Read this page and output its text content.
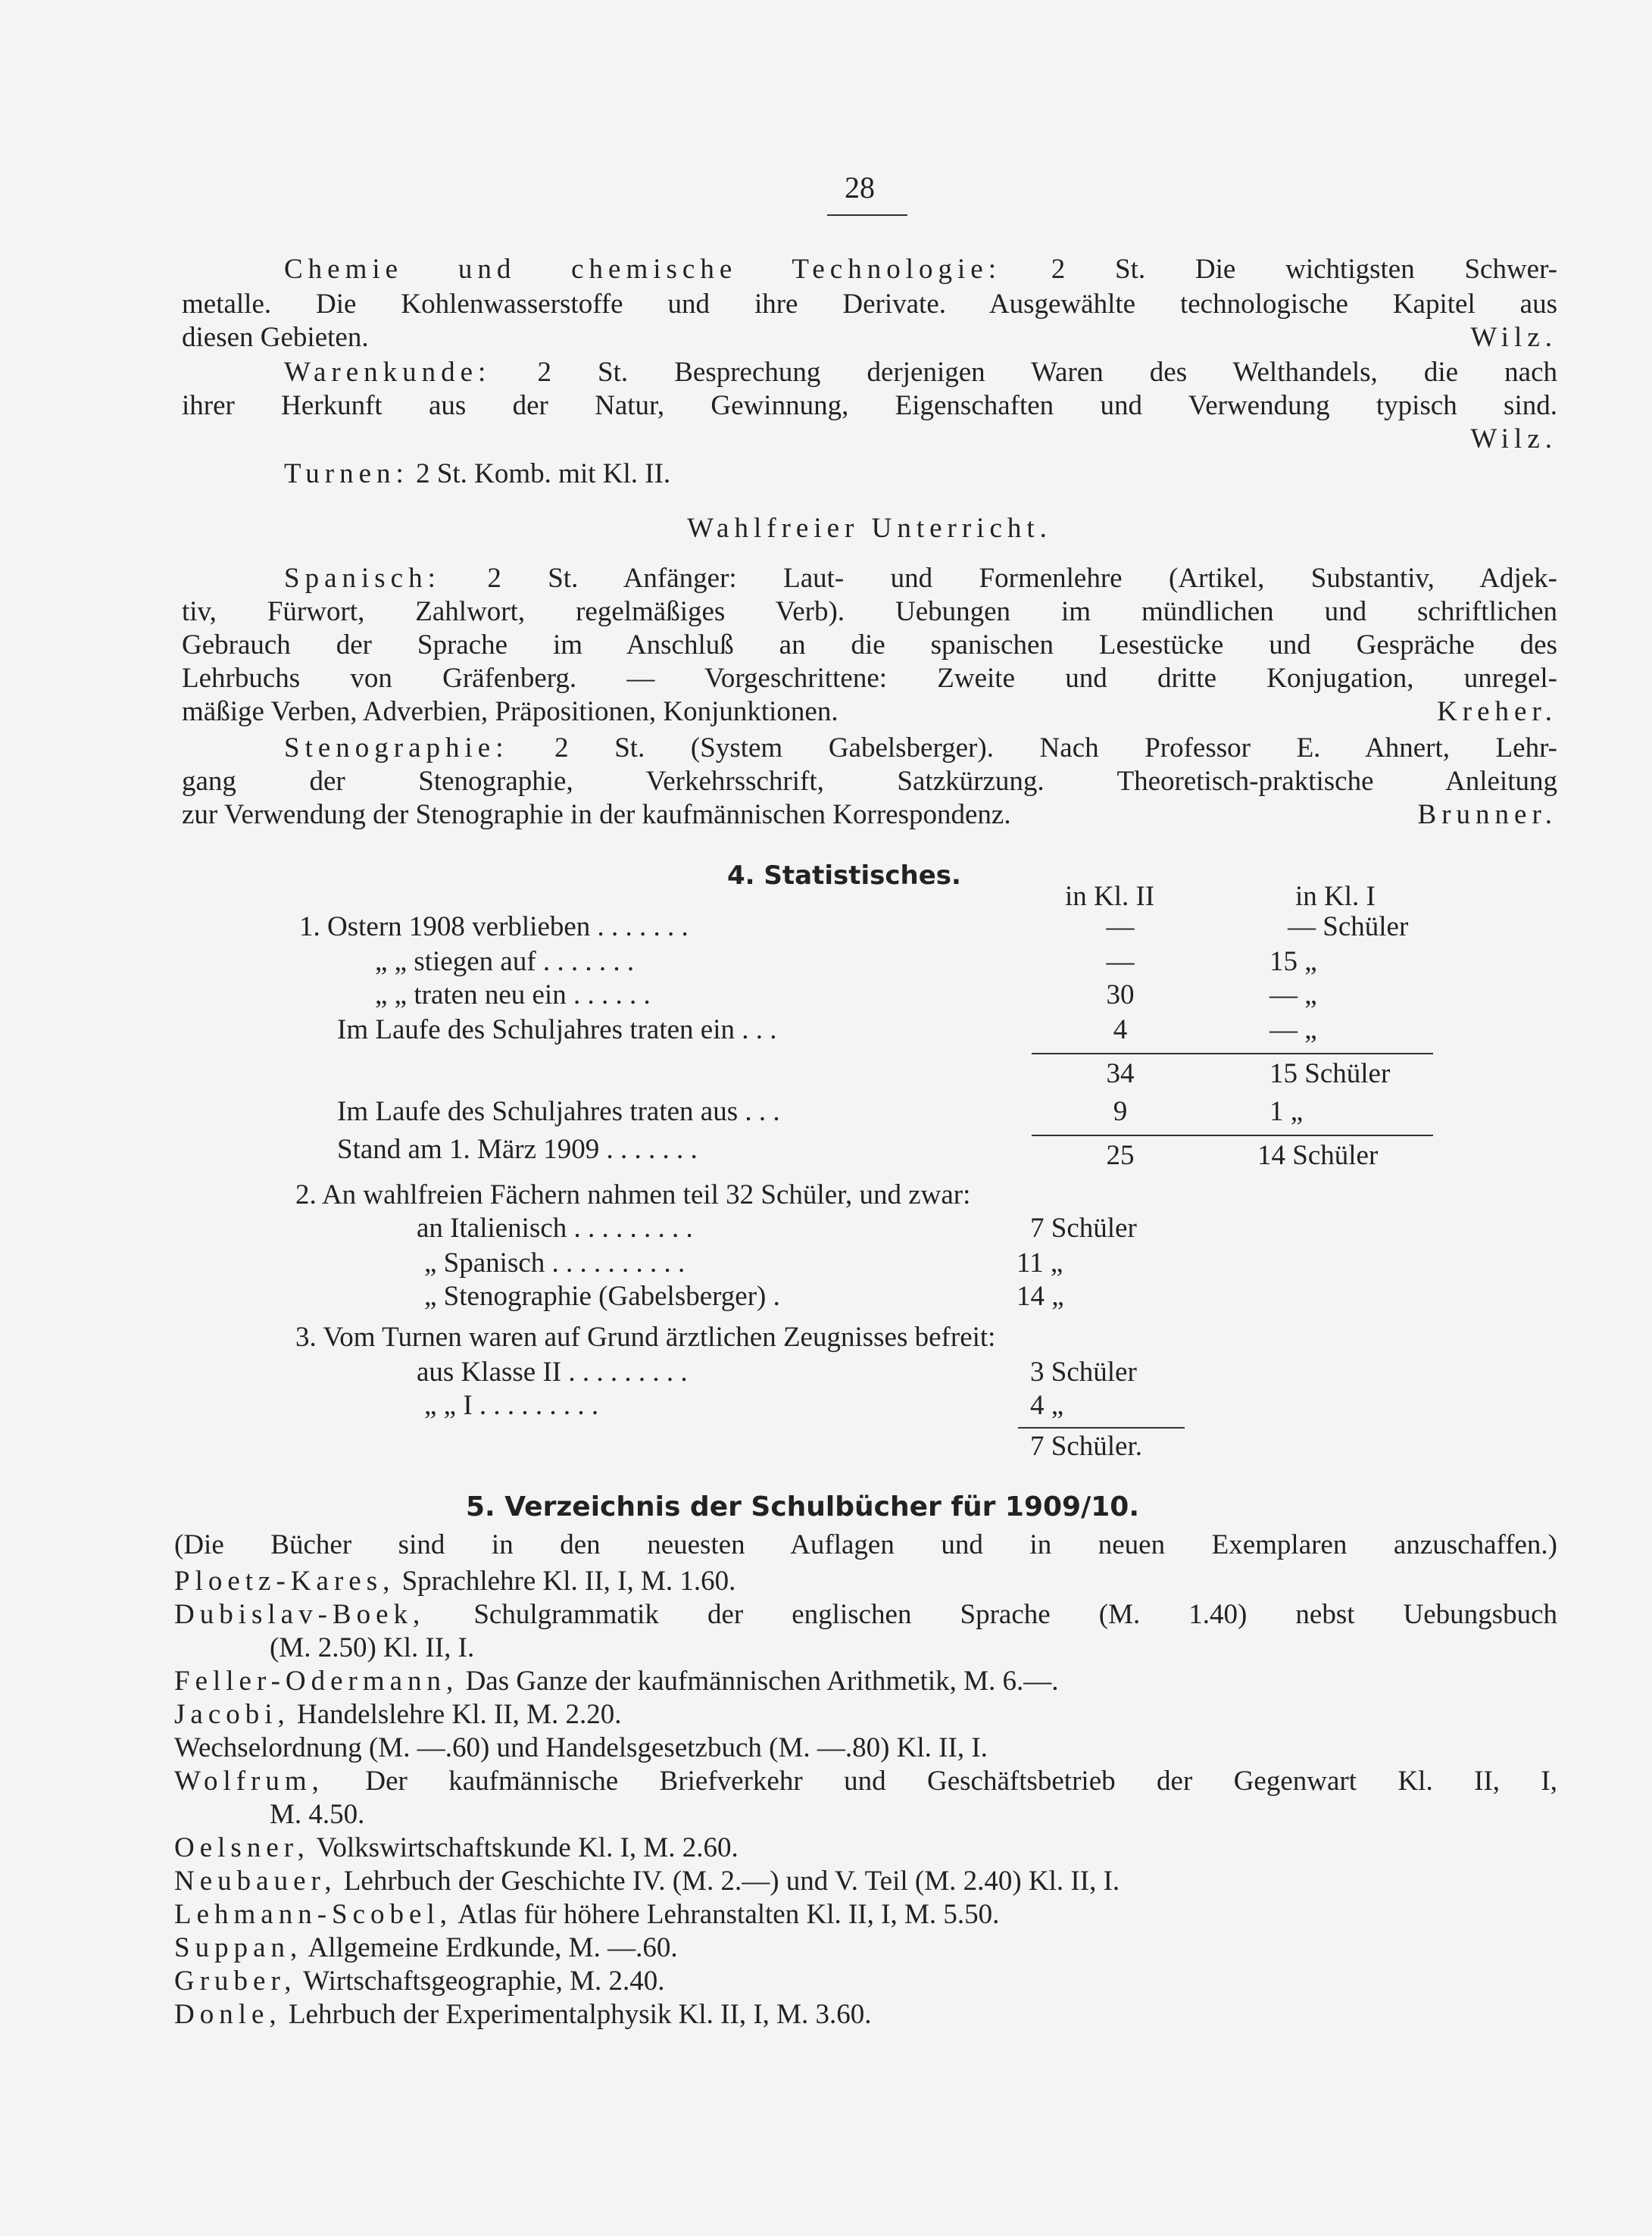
28
Chemie und chemische Technologie: 2 St. Die wichtigsten Schwer-
metalle. Die Kohlenwasserstoffe und ihre Derivate. Ausgewählte technologische Kapitel aus
diesen Gebieten.	Wilz.
Warenkunde: 2 St. Besprechung derjenigen Waren des Welthandels, die nach
ihrer Herkunft aus der Natur, Gewinnung, Eigenschaften und Verwendung typisch sind.
Wilz.
Turnen: 2 St. Komb. mit Kl. II.
Wahlfreier Unterricht.
Spanisch: 2 St. Anfänger: Laut- und Formenlehre (Artikel, Substantiv, Adjek-
tiv, Fürwort, Zahlwort, regelmäßiges Verb). Uebungen im mündlichen und schriftlichen
Gebrauch der Sprache im Anschluß an die spanischen Lesestücke und Gespräche des
Lehrbuchs von Gräfenberg. — Vorgeschrittene: Zweite und dritte Konjugation, unregel-
mäßige Verben, Adverbien, Präpositionen, Konjunktionen.	Kreher.
Stenographie: 2 St. (System Gabelsberger). Nach Professor E. Ahnert, Lehr-
gang der Stenographie, Verkehrsschrift, Satzkürzung. Theoretisch-praktische Anleitung
zur Verwendung der Stenographie in der kaufmännischen Korrespondenz.	Brunner.
4. Statistisches.
in Kl. II	in Kl. I
1. Ostern 1908 verblieben . . . . . . .	—	— Schüler
„ „ stiegen auf . . . . . . .	—	15 „
„ „ traten neu ein . . . . . .	30	— „
Im Laufe des Schuljahres traten ein . . .	4	— „
34	15 Schüler
Im Laufe des Schuljahres traten aus . . .	9	1 „
Stand am 1. März 1909 . . . . . . .	25	14 Schüler
2. An wahlfreien Fächern nahmen teil 32 Schüler, und zwar:
an Italienisch . . . . . . . . .	7 Schüler
„ Spanisch . . . . . . . . . .	11 „
„ Stenographie (Gabelsberger) .	14 „
3. Vom Turnen waren auf Grund ärztlichen Zeugnisses befreit:
aus Klasse II . . . . . . . . .	3 Schüler
„ „ I . . . . . . . . .	4 „
7 Schüler.
5. Verzeichnis der Schulbücher für 1909/10.
(Die Bücher sind in den neuesten Auflagen und in neuen Exemplaren anzuschaffen.)
Ploetz-Kares, Sprachlehre Kl. II, I, M. 1.60.
Dubislav-Boek, Schulgrammatik der englischen Sprache (M. 1.40) nebst Uebungsbuch
(M. 2.50) Kl. II, I.
Feller-Odermann, Das Ganze der kaufmännischen Arithmetik, M. 6.—.
Jacobi, Handelslehre Kl. II, M. 2.20.
Wechselordnung (M. —.60) und Handelsgesetzbuch (M. —.80) Kl. II, I.
Wolfrum, Der kaufmännische Briefverkehr und Geschäftsbetrieb der Gegenwart Kl. II, I,
M. 4.50.
Oelsner, Volkswirtschaftskunde Kl. I, M. 2.60.
Neubauer, Lehrbuch der Geschichte IV. (M. 2.—) und V. Teil (M. 2.40) Kl. II, I.
Lehmann-Scobel, Atlas für höhere Lehranstalten Kl. II, I, M. 5.50.
Suppan, Allgemeine Erdkunde, M. —.60.
Gruber, Wirtschaftsgeographie, M. 2.40.
Donle, Lehrbuch der Experimentalphysik Kl. II, I, M. 3.60.
